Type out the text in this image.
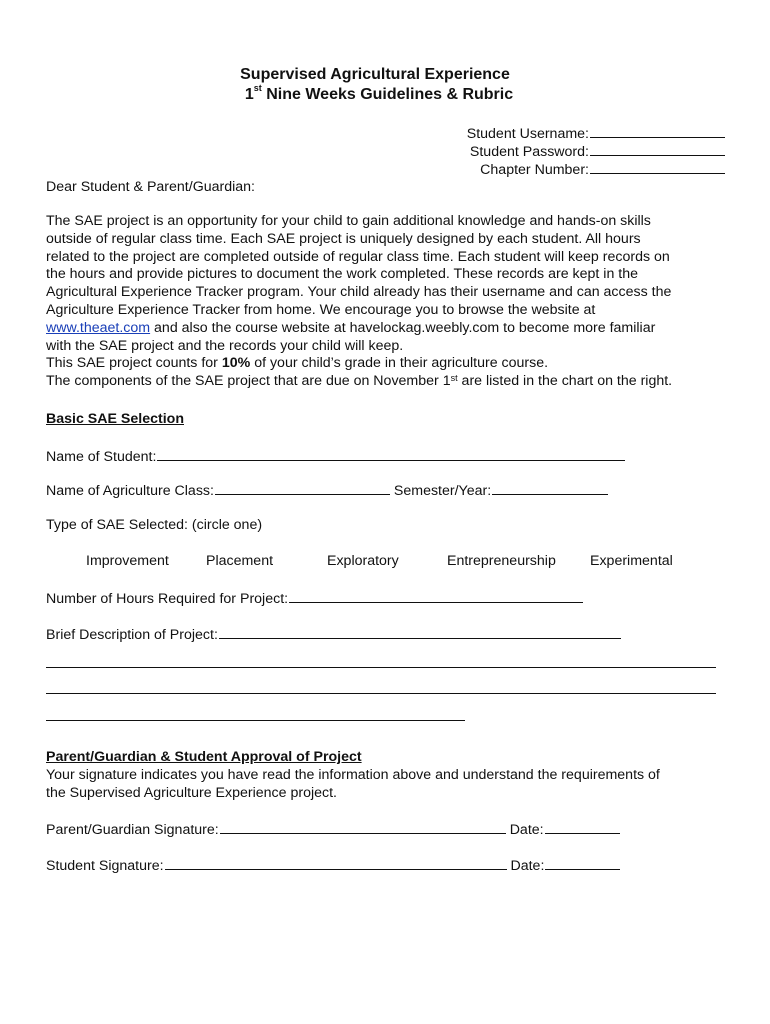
Supervised Agricultural Experience
1st Nine Weeks Guidelines & Rubric
Student Username:
Student Password:
Chapter Number:
Dear Student & Parent/Guardian:
The SAE project is an opportunity for your child to gain additional knowledge and hands-on skills
outside of regular class time. Each SAE project is uniquely designed by each student. All hours
related to the project are completed outside of regular class time. Each student will keep records on
the hours and provide pictures to document the work completed. These records are kept in the
Agricultural Experience Tracker program. Your child already has their username and can access the
Agriculture Experience Tracker from home. We encourage you to browse the website at
www.theaet.com and also the course website at havelockag.weebly.com to become more familiar
with the SAE project and the records your child will keep.
This SAE project counts for 10% of your child’s grade in their agriculture course.
The components of the SAE project that are due on November 1st are listed in the chart on the right.
Basic SAE Selection
Name of Student:
Name of Agriculture Class:	Semester/Year:
Type of SAE Selected: (circle one)
Improvement	Placement	Exploratory	Entrepreneurship Experimental
Number of Hours Required for Project:
Brief Description of Project:
Parent/Guardian & Student Approval of Project
Your signature indicates you have read the information above and understand the requirements of
the Supervised Agriculture Experience project.
Parent/Guardian Signature:	Date:
Student Signature:	Date:
